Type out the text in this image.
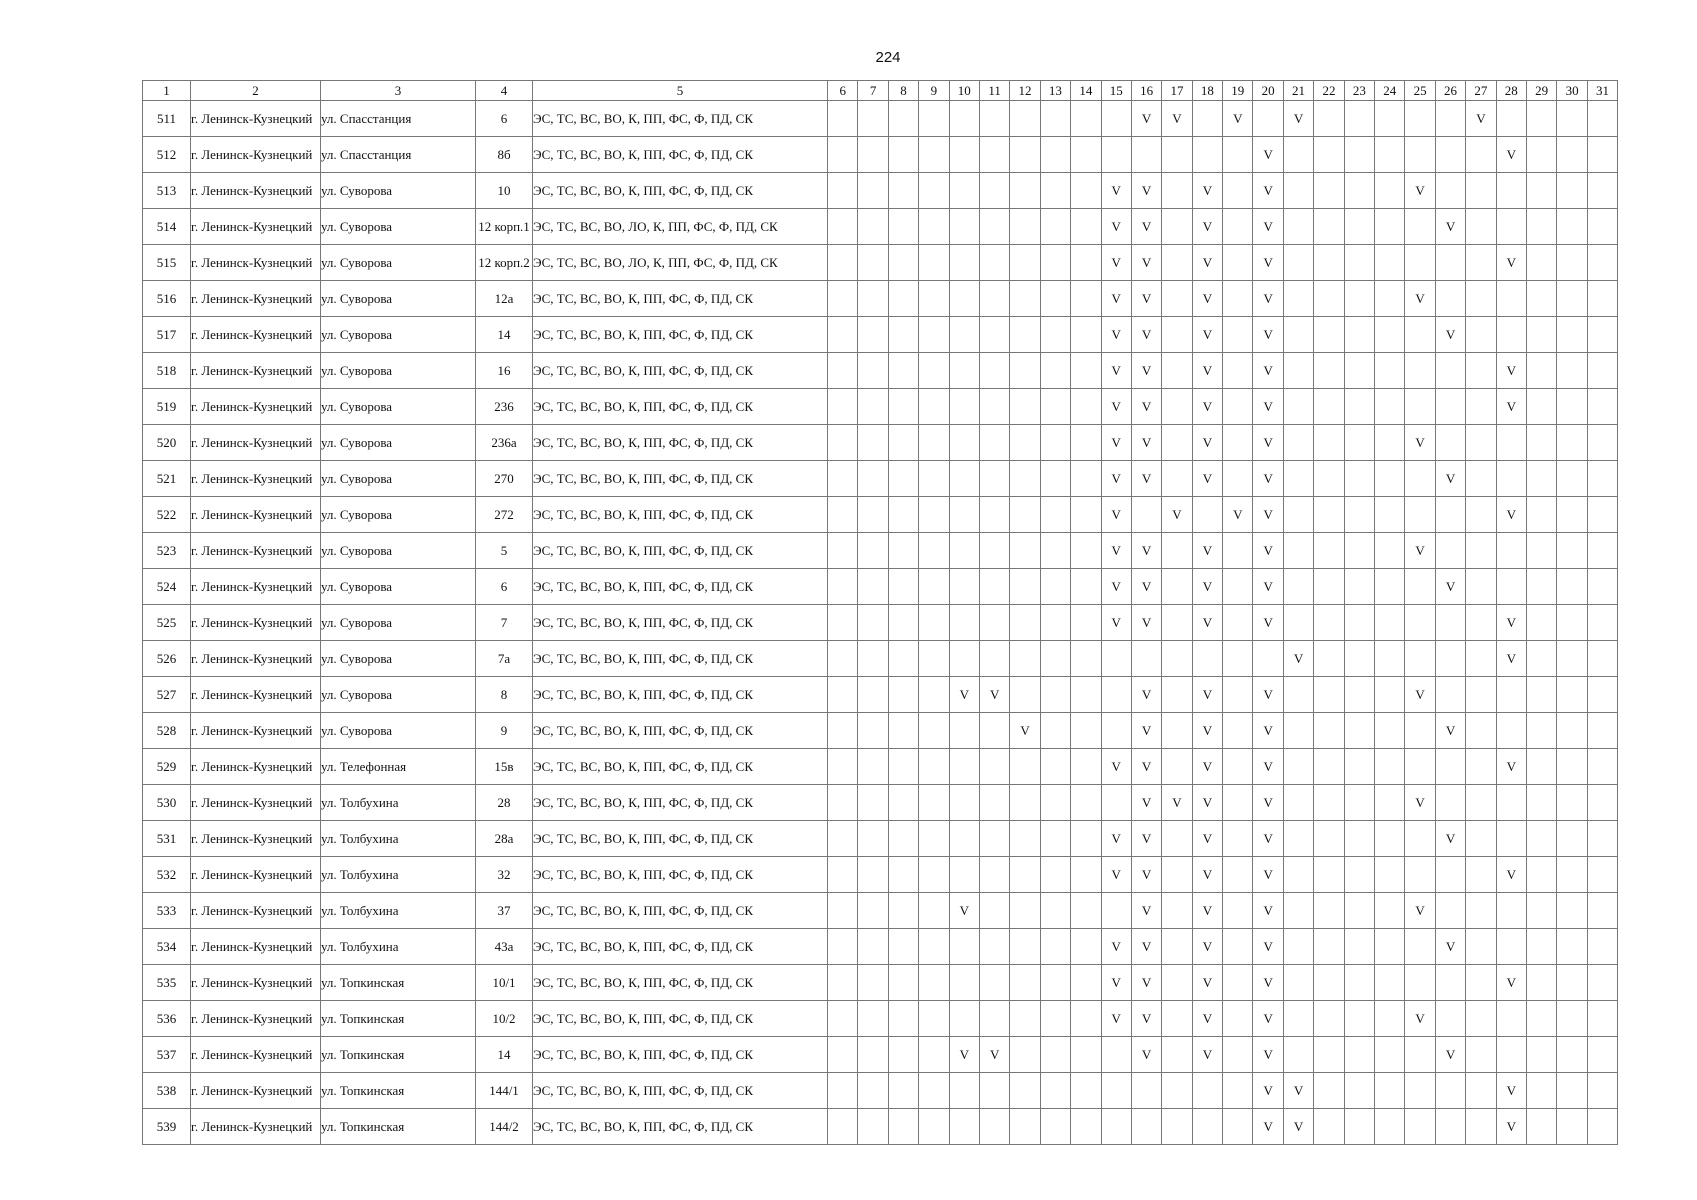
224
1	2	3	4	5	6	7	8	9	10	11	12	13	14	15	16	17	18	19	20	21	22	23	24	25	26	27	28	29	30	31
511	г. Ленинск-Кузнецкий	ул. Спасстанция	6	ЭС, ТС, ВС, ВО, К, ПП, ФС, Ф, ПД, СК											V	V		V		V						V				
512	г. Ленинск-Кузнецкий	ул. Спасстанция	8б	ЭС, ТС, ВС, ВО, К, ПП, ФС, Ф, ПД, СК															V								V			
513	г. Ленинск-Кузнецкий	ул. Суворова	10	ЭС, ТС, ВС, ВО, К, ПП, ФС, Ф, ПД, СК										V	V		V		V					V						
514	г. Ленинск-Кузнецкий	ул. Суворова	12 корп.1	ЭС, ТС, ВС, ВО, ЛО, К, ПП, ФС, Ф, ПД, СК										V	V		V		V						V					
515	г. Ленинск-Кузнецкий	ул. Суворова	12 корп.2	ЭС, ТС, ВС, ВО, ЛО, К, ПП, ФС, Ф, ПД, СК										V	V		V		V								V			
516	г. Ленинск-Кузнецкий	ул. Суворова	12а	ЭС, ТС, ВС, ВО, К, ПП, ФС, Ф, ПД, СК										V	V		V		V					V						
517	г. Ленинск-Кузнецкий	ул. Суворова	14	ЭС, ТС, ВС, ВО, К, ПП, ФС, Ф, ПД, СК										V	V		V		V						V					
518	г. Ленинск-Кузнецкий	ул. Суворова	16	ЭС, ТС, ВС, ВО, К, ПП, ФС, Ф, ПД, СК										V	V		V		V								V			
519	г. Ленинск-Кузнецкий	ул. Суворова	236	ЭС, ТС, ВС, ВО, К, ПП, ФС, Ф, ПД, СК										V	V		V		V								V			
520	г. Ленинск-Кузнецкий	ул. Суворова	236а	ЭС, ТС, ВС, ВО, К, ПП, ФС, Ф, ПД, СК										V	V		V		V					V						
521	г. Ленинск-Кузнецкий	ул. Суворова	270	ЭС, ТС, ВС, ВО, К, ПП, ФС, Ф, ПД, СК										V	V		V		V						V					
522	г. Ленинск-Кузнецкий	ул. Суворова	272	ЭС, ТС, ВС, ВО, К, ПП, ФС, Ф, ПД, СК										V		V		V	V								V			
523	г. Ленинск-Кузнецкий	ул. Суворова	5	ЭС, ТС, ВС, ВО, К, ПП, ФС, Ф, ПД, СК										V	V		V		V					V						
524	г. Ленинск-Кузнецкий	ул. Суворова	6	ЭС, ТС, ВС, ВО, К, ПП, ФС, Ф, ПД, СК										V	V		V		V						V					
525	г. Ленинск-Кузнецкий	ул. Суворова	7	ЭС, ТС, ВС, ВО, К, ПП, ФС, Ф, ПД, СК										V	V		V		V								V			
526	г. Ленинск-Кузнецкий	ул. Суворова	7а	ЭС, ТС, ВС, ВО, К, ПП, ФС, Ф, ПД, СК																V							V			
527	г. Ленинск-Кузнецкий	ул. Суворова	8	ЭС, ТС, ВС, ВО, К, ПП, ФС, Ф, ПД, СК					V	V					V		V		V					V						
528	г. Ленинск-Кузнецкий	ул. Суворова	9	ЭС, ТС, ВС, ВО, К, ПП, ФС, Ф, ПД, СК							V				V		V		V						V					
529	г. Ленинск-Кузнецкий	ул. Телефонная	15в	ЭС, ТС, ВС, ВО, К, ПП, ФС, Ф, ПД, СК										V	V		V		V								V			
530	г. Ленинск-Кузнецкий	ул. Толбухина	28	ЭС, ТС, ВС, ВО, К, ПП, ФС, Ф, ПД, СК											V	V	V		V					V						
531	г. Ленинск-Кузнецкий	ул. Толбухина	28а	ЭС, ТС, ВС, ВО, К, ПП, ФС, Ф, ПД, СК										V	V		V		V						V					
532	г. Ленинск-Кузнецкий	ул. Толбухина	32	ЭС, ТС, ВС, ВО, К, ПП, ФС, Ф, ПД, СК										V	V		V		V								V			
533	г. Ленинск-Кузнецкий	ул. Толбухина	37	ЭС, ТС, ВС, ВО, К, ПП, ФС, Ф, ПД, СК					V						V		V		V					V						
534	г. Ленинск-Кузнецкий	ул. Толбухина	43а	ЭС, ТС, ВС, ВО, К, ПП, ФС, Ф, ПД, СК										V	V		V		V						V					
535	г. Ленинск-Кузнецкий	ул. Топкинская	10/1	ЭС, ТС, ВС, ВО, К, ПП, ФС, Ф, ПД, СК										V	V		V		V								V			
536	г. Ленинск-Кузнецкий	ул. Топкинская	10/2	ЭС, ТС, ВС, ВО, К, ПП, ФС, Ф, ПД, СК										V	V		V		V					V						
537	г. Ленинск-Кузнецкий	ул. Топкинская	14	ЭС, ТС, ВС, ВО, К, ПП, ФС, Ф, ПД, СК					V	V					V		V		V						V					
538	г. Ленинск-Кузнецкий	ул. Топкинская	144/1	ЭС, ТС, ВС, ВО, К, ПП, ФС, Ф, ПД, СК															V	V							V			
539	г. Ленинск-Кузнецкий	ул. Топкинская	144/2	ЭС, ТС, ВС, ВО, К, ПП, ФС, Ф, ПД, СК															V	V							V			
